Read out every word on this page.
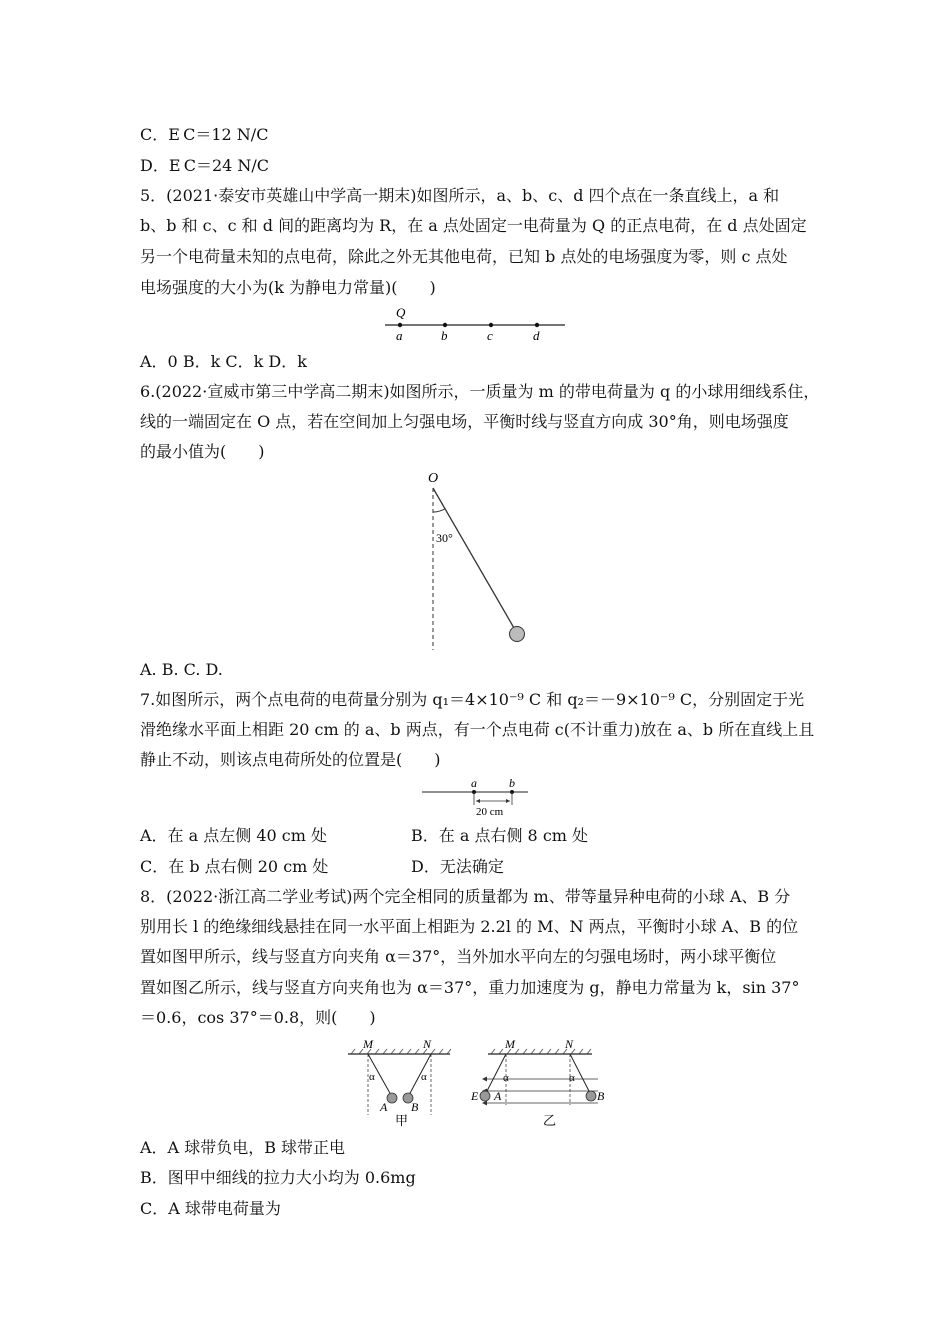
C．E C＝12 N/C
D．E C＝24 N/C
5．(2021·泰安市英雄山中学高一期末)如图所示，a、b、c、d 四个点在一条直线上，a 和
b、b 和 c、c 和 d 间的距离均为 R，在 a 点处固定一电荷量为 Q 的正点电荷，在 d 点处固定
另一个电荷量未知的点电荷，除此之外无其他电荷，已知 b 点处的电场强度为零，则 c 点处
电场强度的大小为(k 为静电力常量)(　　)
Q
a	b	c	d
A．0 B．k C．k D．k
6.(2022·宣威市第三中学高二期末)如图所示，一质量为 m 的带电荷量为 q 的小球用细线系住，
线的一端固定在 O 点，若在空间加上匀强电场，平衡时线与竖直方向成 30°角，则电场强度
的最小值为(　　)
O
30°
A. B. C. D.
7.如图所示，两个点电荷的电荷量分别为 q₁＝4×10⁻⁹ C 和 q₂＝－9×10⁻⁹ C，分别固定于光
滑绝缘水平面上相距 20 cm 的 a、b 两点，有一个点电荷 c(不计重力)放在 a、b 所在直线上且
静止不动，则该点电荷所处的位置是(　　)
a	b
20 cm
A．在 a 点左侧 40 cm 处	B．在 a 点右侧 8 cm 处
C．在 b 点右侧 20 cm 处	D．无法确定
8．(2022·浙江高二学业考试)两个完全相同的质量都为 m、带等量异种电荷的小球 A、B 分
别用长 l 的绝缘细线悬挂在同一水平面上相距为 2.2l 的 M、N 两点，平衡时小球 A、B 的位
置如图甲所示，线与竖直方向夹角 α＝37°，当外加水平向左的匀强电场时，两小球平衡位
置如图乙所示，线与竖直方向夹角也为 α＝37°，重力加速度为 g，静电力常量为 k，sin 37°
＝0.6，cos 37°＝0.8，则(　　)
M	N
α	α
A B
甲
M	N
α	α
E A	B
乙
A．A 球带负电，B 球带正电
B．图甲中细线的拉力大小均为 0.6mg
C．A 球带电荷量为
